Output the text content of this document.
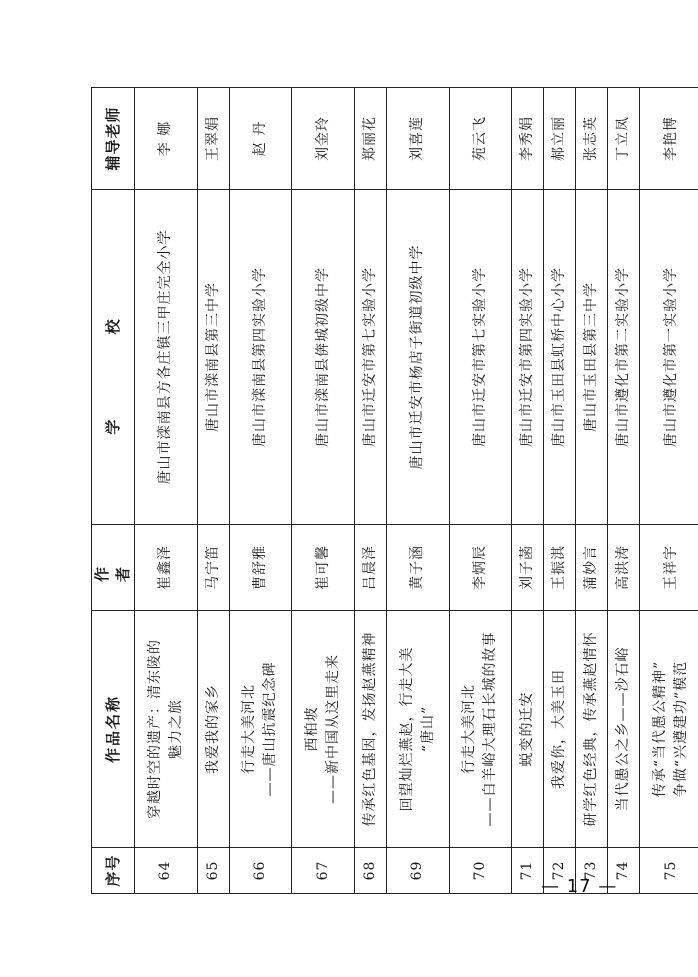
序号	作品名称	作 者	学 校	辅导老师
64	穿越时空的遗产：清东陵的 魅力之旅	崔鑫泽	唐山市滦南县方各庄镇三甲庄完全小学	李 娜
65	我爱我的家乡	马宁笛	唐山市滦南县第三中学	王翠娟
66	行走大美河北 ——唐山抗震纪念碑	曹舒雅	唐山市滦南县第四实验小学	赵 丹
67	西柏坡 ——新中国从这里走来	崔可馨	唐山市滦南县倴城初级中学	刘金玲
68	传承红色基因，发扬赵燕精神	吕晨泽	唐山市迁安市第七实验小学	郑丽花
69	回望灿烂燕赵，行走大美 “唐山”	黄子涵	唐山市迁安市杨店子街道初级中学	刘喜莲
70	行走大美河北 ——白羊峪大理石长城的故事	李炳辰	唐山市迁安市第七实验小学	苑云飞
71	蜕变的迁安	刘子菡	唐山市迁安市第四实验小学	李秀娟
72	我爱你，大美玉田	王振淇	唐山市玉田县虹桥中心小学	郝立丽
73	研学红色经典，传承燕赵情怀	蒲妙言	唐山市玉田县第三中学	张志英
74	当代愚公之乡——沙石峪	高洪涛	唐山市遵化市第二实验小学	丁立凤
75	传承“当代愚公精神” 争做“兴遵建功”模范	王祥宇	唐山市遵化市第一实验小学	李艳博
— 17 —
